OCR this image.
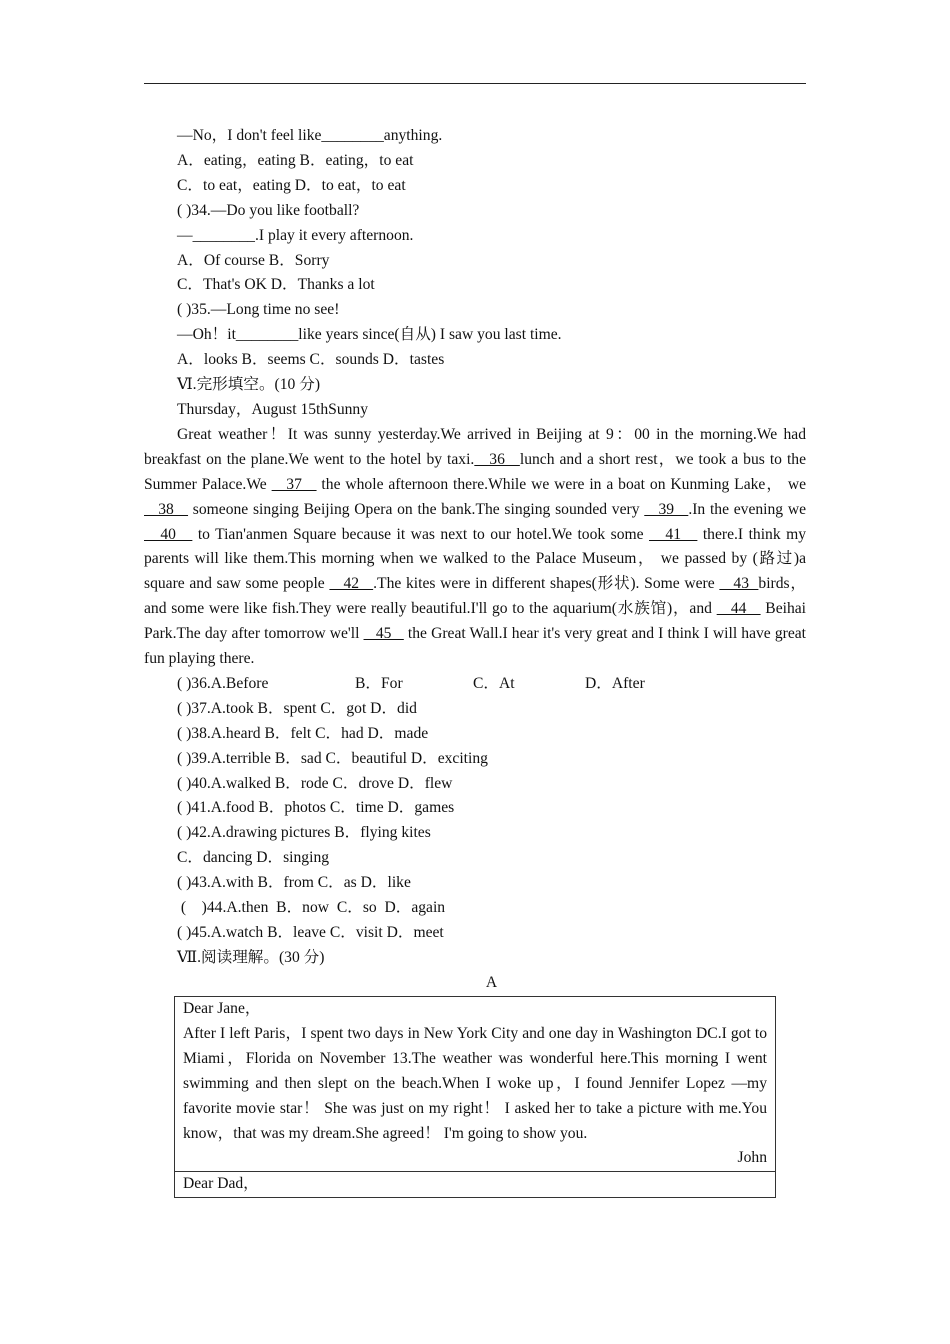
—No，I don't feel like________anything.
A．eating，eating B．eating，to eat
C．to eat，eating D．to eat，to eat
( )34.—Do you like football?
—________.I play it every afternoon.
A．Of course B．Sorry
C．That's OK D．Thanks a lot
( )35.—Long time no see!
—Oh！it________like years since(自从) I saw you last time.
A．looks B．seems C．sounds D．tastes
Ⅵ.完形填空。(10 分)
Thursday，August 15thSunny
Great weather！It was sunny yesterday.We arrived in Beijing at 9：00 in the morning.We had breakfast on the plane.We went to the hotel by taxi.   36   lunch and a short rest，we took a bus to the Summer Palace.We    37    the whole afternoon there.While we were in a boat on Kunming Lake， we    38    someone singing Beijing Opera on the bank.The singing sounded very    39   .In the evening we    40    to Tian'anmen Square because it was next to our hotel.We took some    41    there.I think my parents will like them.This morning when we walked to the Palace Museum， we passed by (路过)a square and saw some people    42   .The kites were in different shapes(形状). Some were    43  birds，and some were like fish.They were really beautiful.I'll go to the aquarium(水族馆)，and    44    Beihai Park.The day after tomorrow we'll    45    the Great Wall.I hear it's very great and I think I will have great fun playing there.
( )36.A.Before	B．For	C．At	D．After
( )37.A.took B．spent C．got D．did
( )38.A.heard B．felt C．had D．made
( )39.A.terrible B．sad C．beautiful D．exciting
( )40.A.walked B．rode C．drove D．flew
( )41.A.food B．photos C．time D．games
( )42.A.drawing pictures B．flying kites
C．dancing D．singing
( )43.A.with B．from C．as D．like
(    )44.A.then  B．now  C．so  D．again
( )45.A.watch B．leave C．visit D．meet
Ⅶ.阅读理解。(30 分)
A
Dear Jane，
After I left Paris，I spent two days in New York City and one day in Washington DC.I got to Miami，Florida on November 13.The weather was wonderful here.This morning I went swimming and then slept on the beach.When I woke up，I found Jennifer Lopez —my favorite movie star！ She was just on my right！ I asked her to take a picture with me.You know，that was my dream.She agreed！ I'm going to show you.
John
Dear Dad，
